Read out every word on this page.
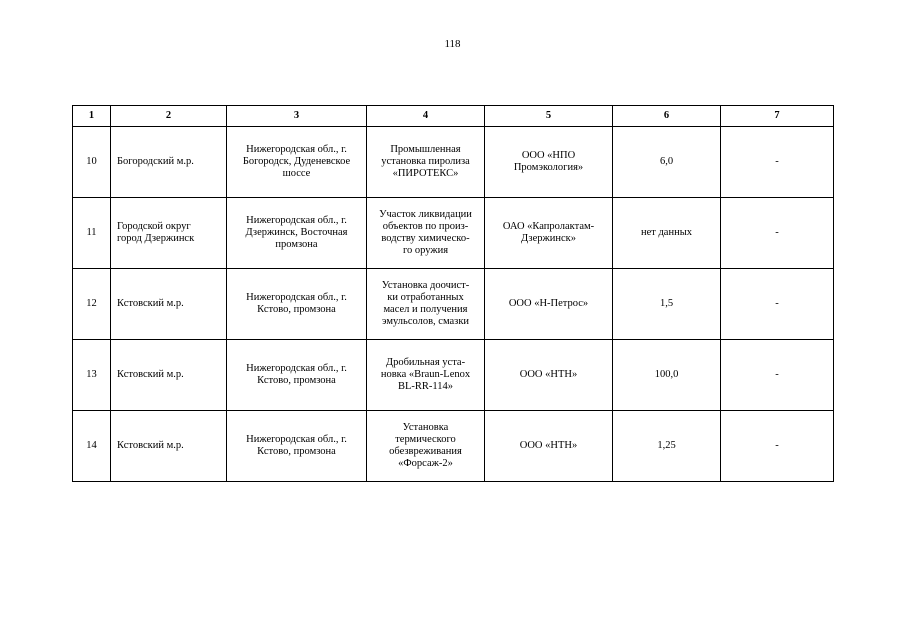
118
1	2	3	4	5	6	7
10	Богородский м.р.	Нижегородская обл., г.
Богородск, Дуденевское
шоссе	Промышленная
установка пиролиза
«ПИРОТЕКС»	ООО «НПО
Промэкология»	6,0	-
11	Городской округ
город Дзержинск	Нижегородская обл., г.
Дзержинск, Восточная
промзона	Участок ликвидации
объектов по произ-
водству химическо-
го оружия	ОАО «Капролактам-
Дзержинск»	нет данных	-
12	Кстовский м.р.	Нижегородская обл., г.
Кстово, промзона	Установка доочист-
ки отработанных
масел и получения
эмульсолов, смазки	ООО «Н-Петрос»	1,5	-
13	Кстовский м.р.	Нижегородская обл., г.
Кстово, промзона	Дробильная уста-
новка «Braun-Lenox
BL-RR-114»	ООО «НТН»	100,0	-
14	Кстовский м.р.	Нижегородская обл., г.
Кстово, промзона	Установка
термического
обезвреживания
«Форсаж-2»	ООО «НТН»	1,25	-
